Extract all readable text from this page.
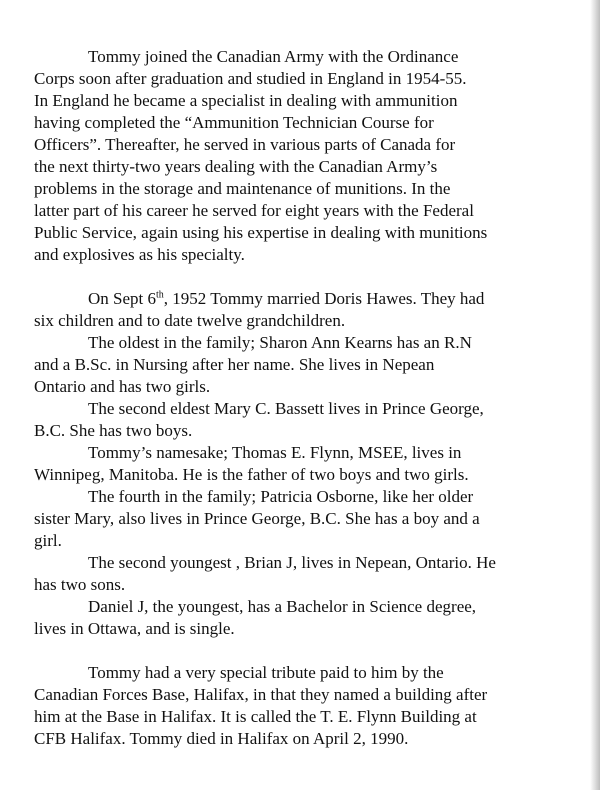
Tommy joined the Canadian Army with the Ordinance
Corps soon after graduation and studied in England in 1954-55.
In England he became a specialist in dealing with ammunition
having completed the “Ammunition Technician Course for
Officers”. Thereafter, he served in various parts of Canada for
the next thirty-two years dealing with the Canadian Army’s
problems in the storage and maintenance of munitions. In the
latter part of his career he served for eight years with the Federal
Public Service, again using his expertise in dealing with munitions
and explosives as his specialty.
On Sept 6th, 1952 Tommy married Doris Hawes. They had
six children and to date twelve grandchildren.
The oldest in the family; Sharon Ann Kearns has an R.N
and a B.Sc. in Nursing after her name. She lives in Nepean
Ontario and has two girls.
The second eldest Mary C. Bassett lives in Prince George,
B.C. She has two boys.
Tommy’s namesake; Thomas E. Flynn, MSEE, lives in
Winnipeg, Manitoba. He is the father of two boys and two girls.
The fourth in the family; Patricia Osborne, like her older
sister Mary, also lives in Prince George, B.C. She has a boy and a
girl.
The second youngest , Brian J, lives in Nepean, Ontario. He
has two sons.
Daniel J, the youngest, has a Bachelor in Science degree,
lives in Ottawa, and is single.
Tommy had a very special tribute paid to him by the
Canadian Forces Base, Halifax, in that they named a building after
him at the Base in Halifax. It is called the T. E. Flynn Building at
CFB Halifax. Tommy died in Halifax on April 2, 1990.
